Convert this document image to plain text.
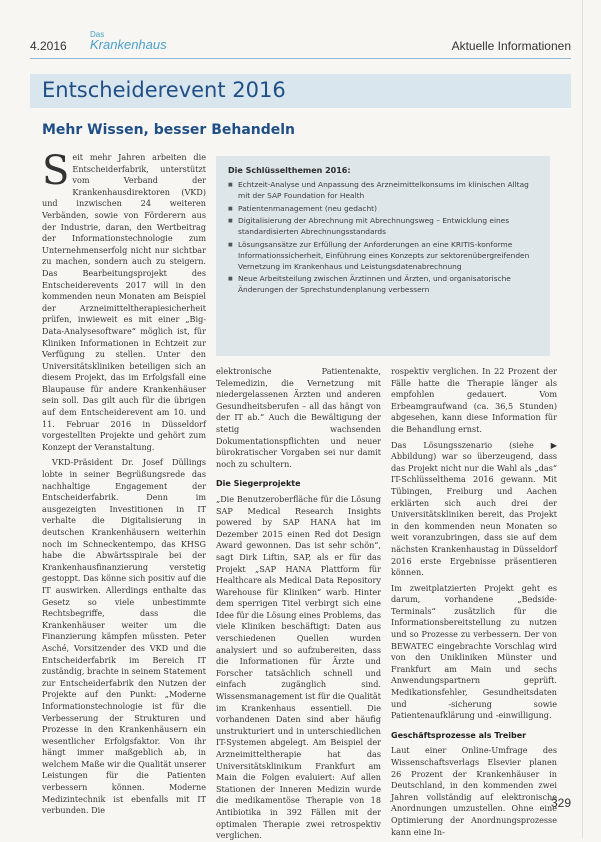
4.2016
Das
Krankenhaus	Aktuelle Informationen
Entscheiderevent 2016
Mehr Wissen, besser Behandeln

Seit mehr Jahren arbeiten die Entscheiderfabrik, unterstützt vom Verband der Krankenhausdirektoren (VKD) und inzwischen 24 weiteren Verbänden, sowie von Förderern aus der Industrie, daran, den Wertbeitrag der Informationstechnologie zum Unternehmenserfolg nicht nur sichtbar zu machen, sondern auch zu steigern. Das Bearbeitungsprojekt des Entscheiderevents 2017 will in den kommenden neun Monaten am Beispiel der Arzneimitteltherapiesicherheit prüfen, inwieweit es mit einer „Big-Data-Analysesoftware“ möglich ist, für Kliniken Informationen in Echtzeit zur Verfügung zu stellen. Unter den Universitätskliniken beteiligen sich an diesem Projekt, das im Erfolgsfall eine Blaupause für andere Krankenhäuser sein soll. Das gilt auch für die übrigen auf dem Entscheiderevent am 10. und 11. Februar 2016 in Düsseldorf vorgestellten Projekte und gehört zum Konzept der Veranstaltung.

VKD-Präsident Dr. Josef Düllings lobte in seiner Begrüßungsrede das nachhaltige Engagement der Entscheiderfabrik. Denn im ausgezeigten Investitionen in IT verhalte die Digitalisierung in deutschen Krankenhäusern weiterhin noch im Schneckentempo, das KHSG habe die Abwärtsspirale bei der Krankenhausfinanzierung verstetig gestoppt. Das könne sich positiv auf die IT auswirken. Allerdings enthalte das Gesetz so viele unbestimmte Rechtsbegriffe, dass die Krankenhäuser weiter um die Finanzierung kämpfen müssten. Peter Asché, Vorsitzender des VKD und die Entscheiderfabrik im Bereich IT zuständig, brachte in seinem Statement zur Entscheiderfabrik den Nutzen der Projekte auf den Punkt: „Moderne Informationstechnologie ist für die Verbesserung der Strukturen und Prozesse in den Krankenhäusern ein wesentlicher Erfolgsfaktor. Von ihr hängt immer maßgeblich ab, in welchem Maße wir die Qualität unserer Leistungen für die Patienten verbessern können. Moderne Medizintechnik ist ebenfalls mit IT verbunden. Die

Die Schlüsselthemen 2016:
■ Echtzeit-Analyse und Anpassung des Arzneimittelkonsums im klinischen Alltag mit der SAP Foundation for Health
■ Patientenmanagement (neu gedacht)
■ Digitalisierung der Abrechnung mit Abrechnungsweg – Entwicklung eines standardisierten Abrechnungsstandards
■ Lösungsansätze zur Erfüllung der Anforderungen an eine KRITIS-konforme Informationssicherheit, Einführung eines Konzepts zur sektorenübergreifenden Vernetzung im Krankenhaus und Leistungsdatenabrechnung
■ Neue Arbeitsteilung zwischen Ärztinnen und Ärzten, und organisatorische Änderungen der Sprechstundenplanung verbessern

elektronische Patientenakte, Telemedizin, die Vernetzung mit niedergelassenen Ärzten und anderen Gesundheitsberufen – all das hängt von der IT ab.“ Auch die Bewältigung der stetig wachsenden Dokumentationspflichten und neuer bürokratischer Vorgaben sei nur damit noch zu schultern.

Die Siegerprojekte

„Die Benutzeroberfläche für die Lösung SAP Medical Research Insights powered by SAP HANA hat im Dezember 2015 einen Red dot Design Award gewonnen. Das ist sehr schön“, sagt Dirk Liftin, SAP, als er für das Projekt „SAP HANA Plattform für Healthcare als Medical Data Repository Warehouse für Kliniken“ warb. Hinter dem sperrigen Titel verbirgt sich eine Idee für die Lösung eines Problems, das viele Kliniken beschäftigt: Daten aus verschiedenen Quellen wurden analysiert und so aufzubereiten, dass die Informationen für Ärzte und Forscher tatsächlich schnell und einfach zugänglich sind. Wissensmanagement ist für die Qualität im Krankenhaus essentiell. Die vorhandenen Daten sind aber häufig unstrukturiert und in unterschiedlichen IT-Systemen abgelegt. Am Beispiel der Arzneimitteltherapie hat das Universitätsklinikum Frankfurt am Main die Folgen evaluiert: Auf allen Stationen der Inneren Medizin wurde die medikamentöse Therapie von 18 Antibiotika in 392 Fällen mit der optimalen Therapie zwei retrospektiv verglichen.

rospektiv verglichen. In 22 Prozent der Fälle hatte die Therapie länger als empfohlen gedauert. Vom Erbeamgraufwand (ca. 36,5 Stunden) abgesehen, kann diese Information für die Behandlung ernst.

Das Lösungsszenario (siehe ▶ Abbildung) war so überzeugend, dass das Projekt nicht nur die Wahl als „das“ IT-Schlüsselthema 2016 gewann. Mit Tübingen, Freiburg und Aachen erklärten sich auch drei der Universitätskliniken bereit, das Projekt in den kommenden neun Monaten so weit voranzubringen, dass sie auf dem nächsten Krankenhaustag in Düsseldorf 2016 erste Ergebnisse präsentieren können.

Im zweitplatzierten Projekt geht es darum, vorhandene „Bedside-Terminals“ zusätzlich für die Informationsbereitstellung zu nutzen und so Prozesse zu verbessern. Der von BEWATEC eingebrachte Vorschlag wird von den Unikliniken Münster und Frankfurt am Main und sechs Anwendungspartnern geprüft. Medikationsfehler, Gesundheitsdaten und -sicherung sowie Patientenaufklärung und -einwilligung.

Geschäftsprozesse als Treiber

Laut einer Online-Umfrage des Wissenschaftsverlags Elsevier planen 26 Prozent der Krankenhäuser in Deutschland, in den kommenden zwei Jahren vollständig auf elektronische Anordnungen umzustellen. Ohne eine Optimierung der Anordnungsprozesse kann eine In-

329
